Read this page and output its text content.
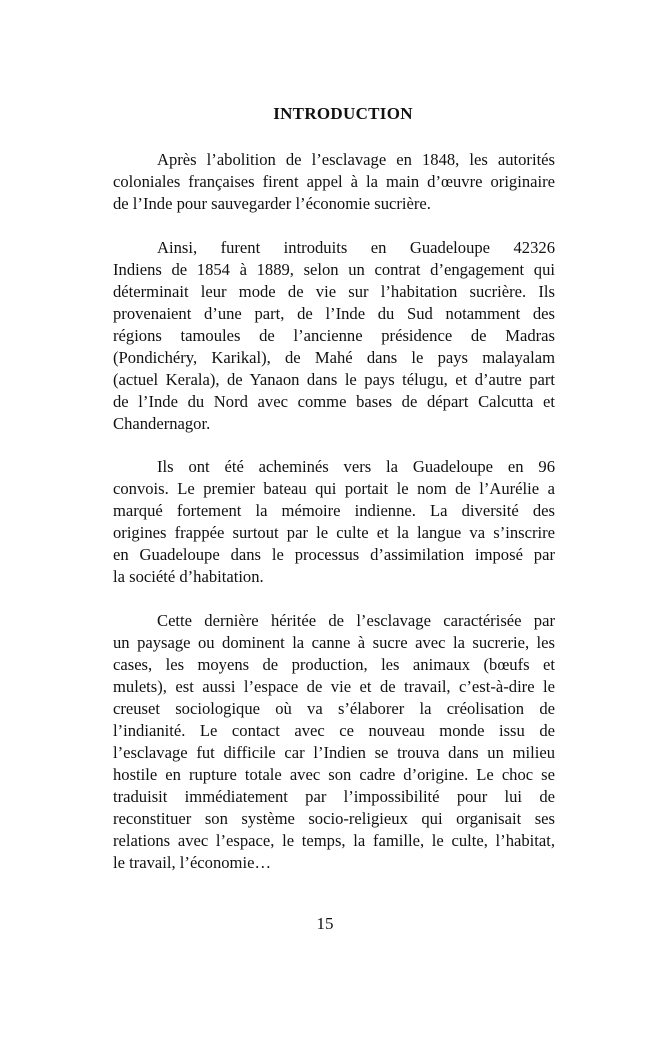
INTRODUCTION
Après l’abolition de l’esclavage en 1848, les autorités
coloniales françaises firent appel à la main d’œuvre originaire
de l’Inde pour sauvegarder l’économie sucrière.
Ainsi, furent introduits en Guadeloupe 42326
Indiens de 1854 à 1889, selon un contrat d’engagement qui
déterminait leur mode de vie sur l’habitation sucrière. Ils
provenaient d’une part, de l’Inde du Sud notamment des
régions tamoules de l’ancienne présidence de Madras
(Pondichéry, Karikal), de Mahé dans le pays malayalam
(actuel Kerala), de Yanaon dans le pays télugu, et d’autre part
de l’Inde du Nord avec comme bases de départ Calcutta et
Chandernagor.
Ils ont été acheminés vers la Guadeloupe en 96
convois. Le premier bateau qui portait le nom de l’Aurélie a
marqué fortement la mémoire indienne. La diversité des
origines frappée surtout par le culte et la langue va s’inscrire
en Guadeloupe dans le processus d’assimilation imposé par
la société d’habitation.
Cette dernière héritée de l’esclavage caractérisée par
un paysage ou dominent la canne à sucre avec la sucrerie, les
cases, les moyens de production, les animaux (bœufs et
mulets), est aussi l’espace de vie et de travail, c’est-à-dire le
creuset sociologique où va s’élaborer la créolisation de
l’indianité. Le contact avec ce nouveau monde issu de
l’esclavage fut difficile car l’Indien se trouva dans un milieu
hostile en rupture totale avec son cadre d’origine. Le choc se
traduisit immédiatement par l’impossibilité pour lui de
reconstituer son système socio-religieux qui organisait ses
relations avec l’espace, le temps, la famille, le culte, l’habitat,
le travail, l’économie…
15
